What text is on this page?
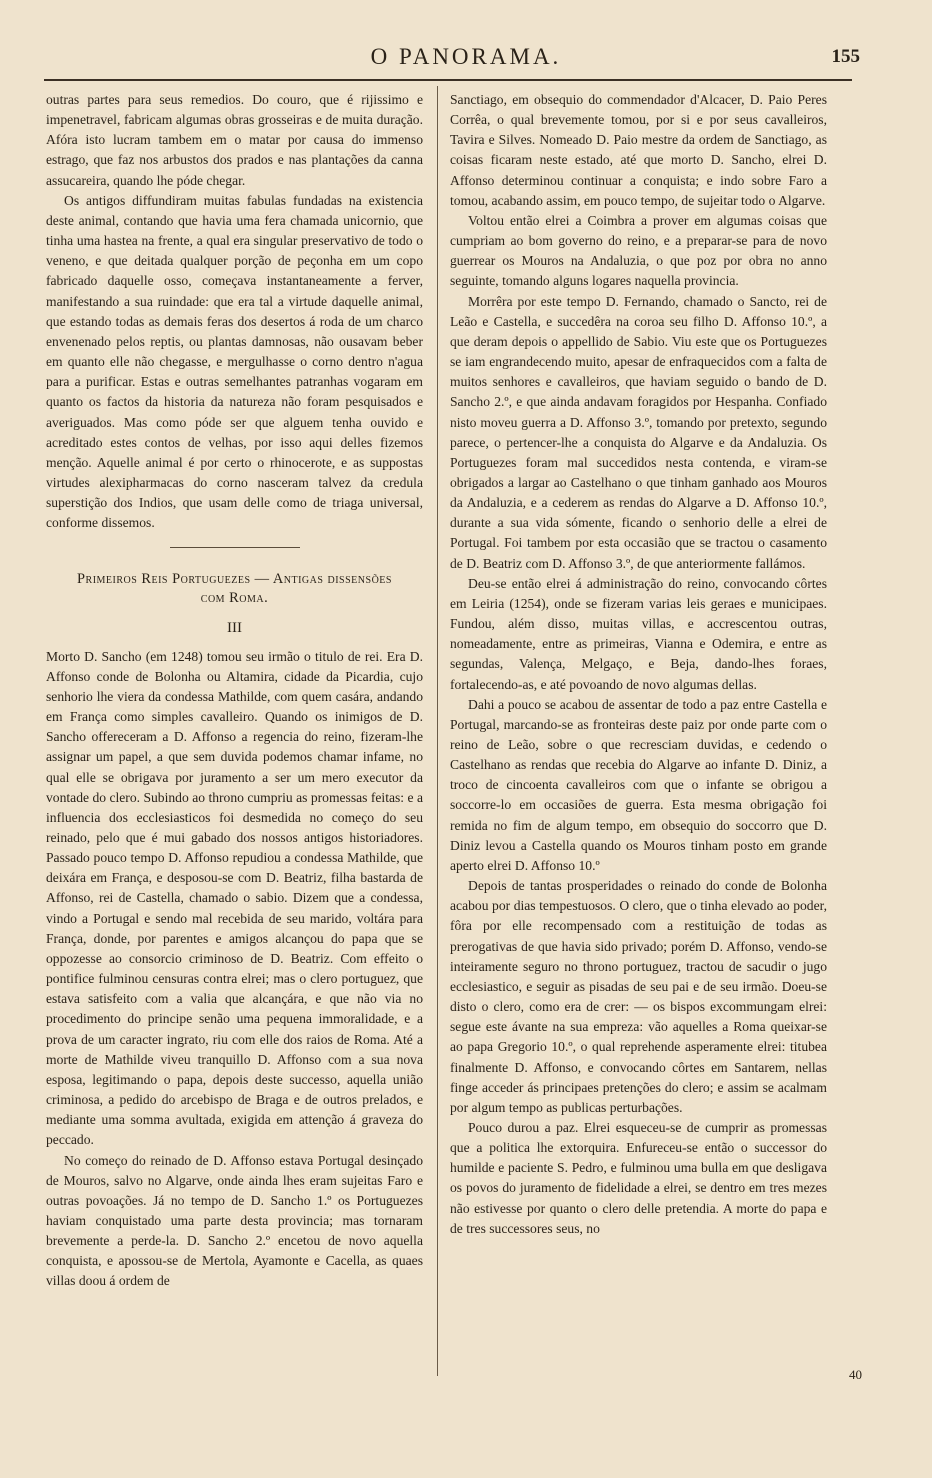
O PANORAMA.	155

outras partes para seus remedios. Do couro, que é rijissimo e impenetravel, fabricam algumas obras grosseiras e de muita duração. Afóra isto lucram tambem em o matar por causa do immenso estrago, que faz nos arbustos dos prados e nas plantações da canna assucareira, quando lhe póde chegar.

Os antigos diffundiram muitas fabulas fundadas na existencia deste animal, contando que havia uma fera chamada unicornio, que tinha uma hastea na frente, a qual era singular preservativo de todo o veneno, e que deitada qualquer porção de peçonha em um copo fabricado daquelle osso, começava instantaneamente a ferver, manifestando a sua ruindade: que era tal a virtude daquelle animal, que estando todas as demais feras dos desertos á roda de um charco envenenado pelos reptis, ou plantas damnosas, não ousavam beber em quanto elle não chegasse, e mergulhasse o corno dentro n'agua para a purificar. Estas e outras semelhantes patranhas vogaram em quanto os factos da historia da natureza não foram pesquisados e averiguados. Mas como póde ser que alguem tenha ouvido e acreditado estes contos de velhas, por isso aqui delles fizemos menção. Aquelle animal é por certo o rhinocerote, e as suppostas virtudes alexipharmacas do corno nasceram talvez da credula superstição dos Indios, que usam delle como de triaga universal, conforme dissemos.

Primeiros Reis Portuguezes — Antigas dissensões
com Roma.
III

Morto D. Sancho (em 1248) tomou seu irmão o titulo de rei. Era D. Affonso conde de Bolonha ou Altamira, cidade da Picardia, cujo senhorio lhe viera da condessa Mathilde, com quem casára, andando em França como simples cavalleiro. Quando os inimigos de D. Sancho offereceram a D. Affonso a regencia do reino, fizeram-lhe assignar um papel, a que sem duvida podemos chamar infame, no qual elle se obrigava por juramento a ser um mero executor da vontade do clero. Subindo ao throno cumpriu as promessas feitas: e a influencia dos ecclesiasticos foi desmedida no começo do seu reinado, pelo que é mui gabado dos nossos antigos historiadores. Passado pouco tempo D. Affonso repudiou a condessa Mathilde, que deixára em França, e desposou-se com D. Beatriz, filha bastarda de Affonso, rei de Castella, chamado o sabio. Dizem que a condessa, vindo a Portugal e sendo mal recebida de seu marido, voltára para França, donde, por parentes e amigos alcançou do papa que se oppozesse ao consorcio criminoso de D. Beatriz. Com effeito o pontifice fulminou censuras contra elrei; mas o clero portuguez, que estava satisfeito com a valia que alcançára, e que não via no procedimento do principe senão uma pequena immoralidade, e a prova de um caracter ingrato, riu com elle dos raios de Roma. Até a morte de Mathilde viveu tranquillo D. Affonso com a sua nova esposa, legitimando o papa, depois deste successo, aquella união criminosa, a pedido do arcebispo de Braga e de outros prelados, e mediante uma somma avultada, exigida em attenção á graveza do peccado.

No começo do reinado de D. Affonso estava Portugal desinçado de Mouros, salvo no Algarve, onde ainda lhes eram sujeitas Faro e outras povoações. Já no tempo de D. Sancho 1.º os Portuguezes haviam conquistado uma parte desta provincia; mas tornaram brevemente a perde-la. D. Sancho 2.º encetou de novo aquella conquista, e apossou-se de Mertola, Ayamonte e Cacella, as quaes villas doou á ordem de

Sanctiago, em obsequio do commendador d'Alcacer, D. Paio Peres Corrêa, o qual brevemente tomou, por si e por seus cavalleiros, Tavira e Silves. Nomeado D. Paio mestre da ordem de Sanctiago, as coisas ficaram neste estado, até que morto D. Sancho, elrei D. Affonso determinou continuar a conquista; e indo sobre Faro a tomou, acabando assim, em pouco tempo, de sujeitar todo o Algarve.

Voltou então elrei a Coimbra a prover em algumas coisas que cumpriam ao bom governo do reino, e a preparar-se para de novo guerrear os Mouros na Andaluzia, o que poz por obra no anno seguinte, tomando alguns logares naquella provincia.

Morrêra por este tempo D. Fernando, chamado o Sancto, rei de Leão e Castella, e succedêra na coroa seu filho D. Affonso 10.º, a que deram depois o appellido de Sabio. Viu este que os Portuguezes se iam engrandecendo muito, apesar de enfraquecidos com a falta de muitos senhores e cavalleiros, que haviam seguido o bando de D. Sancho 2.º, e que ainda andavam foragidos por Hespanha. Confiado nisto moveu guerra a D. Affonso 3.º, tomando por pretexto, segundo parece, o pertencer-lhe a conquista do Algarve e da Andaluzia. Os Portuguezes foram mal succedidos nesta contenda, e viram-se obrigados a largar ao Castelhano o que tinham ganhado aos Mouros da Andaluzia, e a cederem as rendas do Algarve a D. Affonso 10.º, durante a sua vida sómente, ficando o senhorio delle a elrei de Portugal. Foi tambem por esta occasião que se tractou o casamento de D. Beatriz com D. Affonso 3.º, de que anteriormente fallámos.

Deu-se então elrei á administração do reino, convocando côrtes em Leiria (1254), onde se fizeram varias leis geraes e municipaes. Fundou, além disso, muitas villas, e accrescentou outras, nomeadamente, entre as primeiras, Vianna e Odemira, e entre as segundas, Valença, Melgaço, e Beja, dando-lhes foraes, fortalecendo-as, e até povoando de novo algumas dellas.

Dahi a pouco se acabou de assentar de todo a paz entre Castella e Portugal, marcando-se as fronteiras deste paiz por onde parte com o reino de Leão, sobre o que recresciam duvidas, e cedendo o Castelhano as rendas que recebia do Algarve ao infante D. Diniz, a troco de cincoenta cavalleiros com que o infante se obrigou a soccorre-lo em occasiões de guerra. Esta mesma obrigação foi remida no fim de algum tempo, em obsequio do soccorro que D. Diniz levou a Castella quando os Mouros tinham posto em grande aperto elrei D. Affonso 10.º

Depois de tantas prosperidades o reinado do conde de Bolonha acabou por dias tempestuosos. O clero, que o tinha elevado ao poder, fôra por elle recompensado com a restituição de todas as prerogativas de que havia sido privado; porém D. Affonso, vendo-se inteiramente seguro no throno portuguez, tractou de sacudir o jugo ecclesiastico, e seguir as pisadas de seu pai e de seu irmão. Doeu-se disto o clero, como era de crer: — os bispos excommungam elrei: segue este ávante na sua empreza: vão aquelles a Roma queixar-se ao papa Gregorio 10.º, o qual reprehende asperamente elrei: titubea finalmente D. Affonso, e convocando côrtes em Santarem, nellas finge acceder ás principaes pretenções do clero; e assim se acalmam por algum tempo as publicas perturbações.

Pouco durou a paz. Elrei esqueceu-se de cumprir as promessas que a politica lhe extorquira. Enfureceu-se então o successor do humilde e paciente S. Pedro, e fulminou uma bulla em que desligava os povos do juramento de fidelidade a elrei, se dentro em tres mezes não estivesse por quanto o clero delle pretendia. A morte do papa e de tres successores seus, no

40
